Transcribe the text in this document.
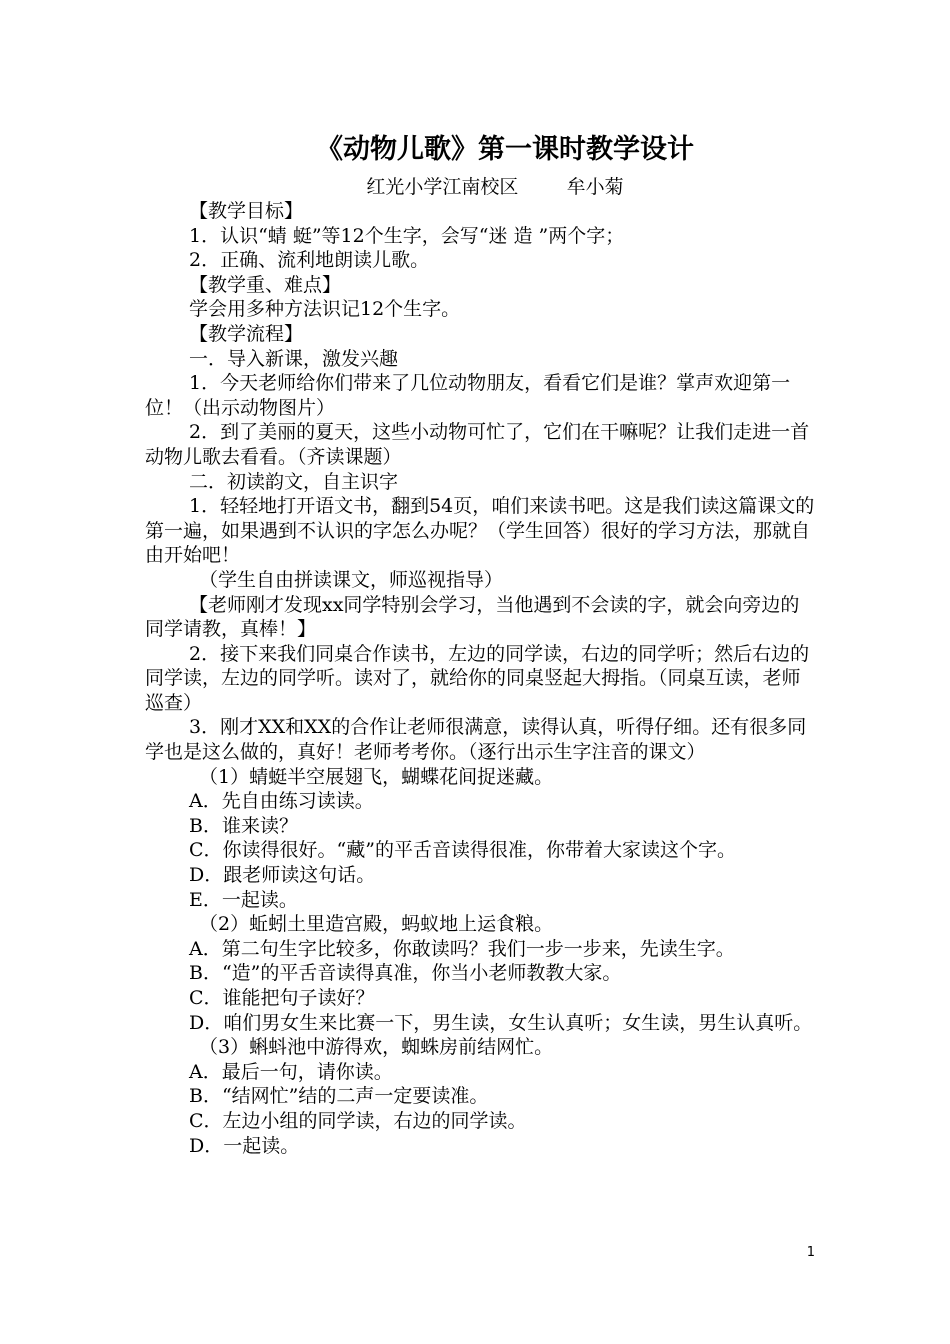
《动物儿歌》第一课时教学设计
红光小学江南校区        牟小菊

【教学目标】

1．认识“蜻 蜓”等12个生字，会写“迷 造 ”两个字；

2．正确、流利地朗读儿歌。

【教学重、难点】

学会用多种方法识记12个生字。

【教学流程】

一．导入新课，激发兴趣

1．今天老师给你们带来了几位动物朋友，看看它们是谁？掌声欢迎第一位！（出示动物图片）

2．到了美丽的夏天，这些小动物可忙了，它们在干嘛呢？让我们走进一首动物儿歌去看看。（齐读课题）

二．初读韵文，自主识字

1．轻轻地打开语文书，翻到54页，咱们来读书吧。这是我们读这篇课文的第一遍，如果遇到不认识的字怎么办呢？（学生回答）很好的学习方法，那就自由开始吧！

（学生自由拼读课文，师巡视指导）

【老师刚才发现xx同学特别会学习，当他遇到不会读的字，就会向旁边的同学请教，真棒！】

2．接下来我们同桌合作读书，左边的同学读，右边的同学听；然后右边的同学读，左边的同学听。读对了，就给你的同桌竖起大拇指。（同桌互读，老师巡查）

3．刚才XX和XX的合作让老师很满意，读得认真，听得仔细。还有很多同学也是这么做的，真好！老师考考你。（逐行出示生字注音的课文）

（1）蜻蜓半空展翅飞，蝴蝶花间捉迷藏。

A．先自由练习读读。

B．谁来读？

C．你读得很好。“藏”的平舌音读得很准，你带着大家读这个字。

D．跟老师读这句话。

E．一起读。

（2）蚯蚓土里造宫殿，蚂蚁地上运食粮。

A．第二句生字比较多，你敢读吗？我们一步一步来，先读生字。

B．“造”的平舌音读得真准，你当小老师教教大家。

C．谁能把句子读好？

D．咱们男女生来比赛一下，男生读，女生认真听；女生读，男生认真听。

（3）蝌蚪池中游得欢，蜘蛛房前结网忙。

A．最后一句，请你读。

B．“结网忙”结的二声一定要读准。

C．左边小组的同学读，右边的同学读。

D．一起读。

1
